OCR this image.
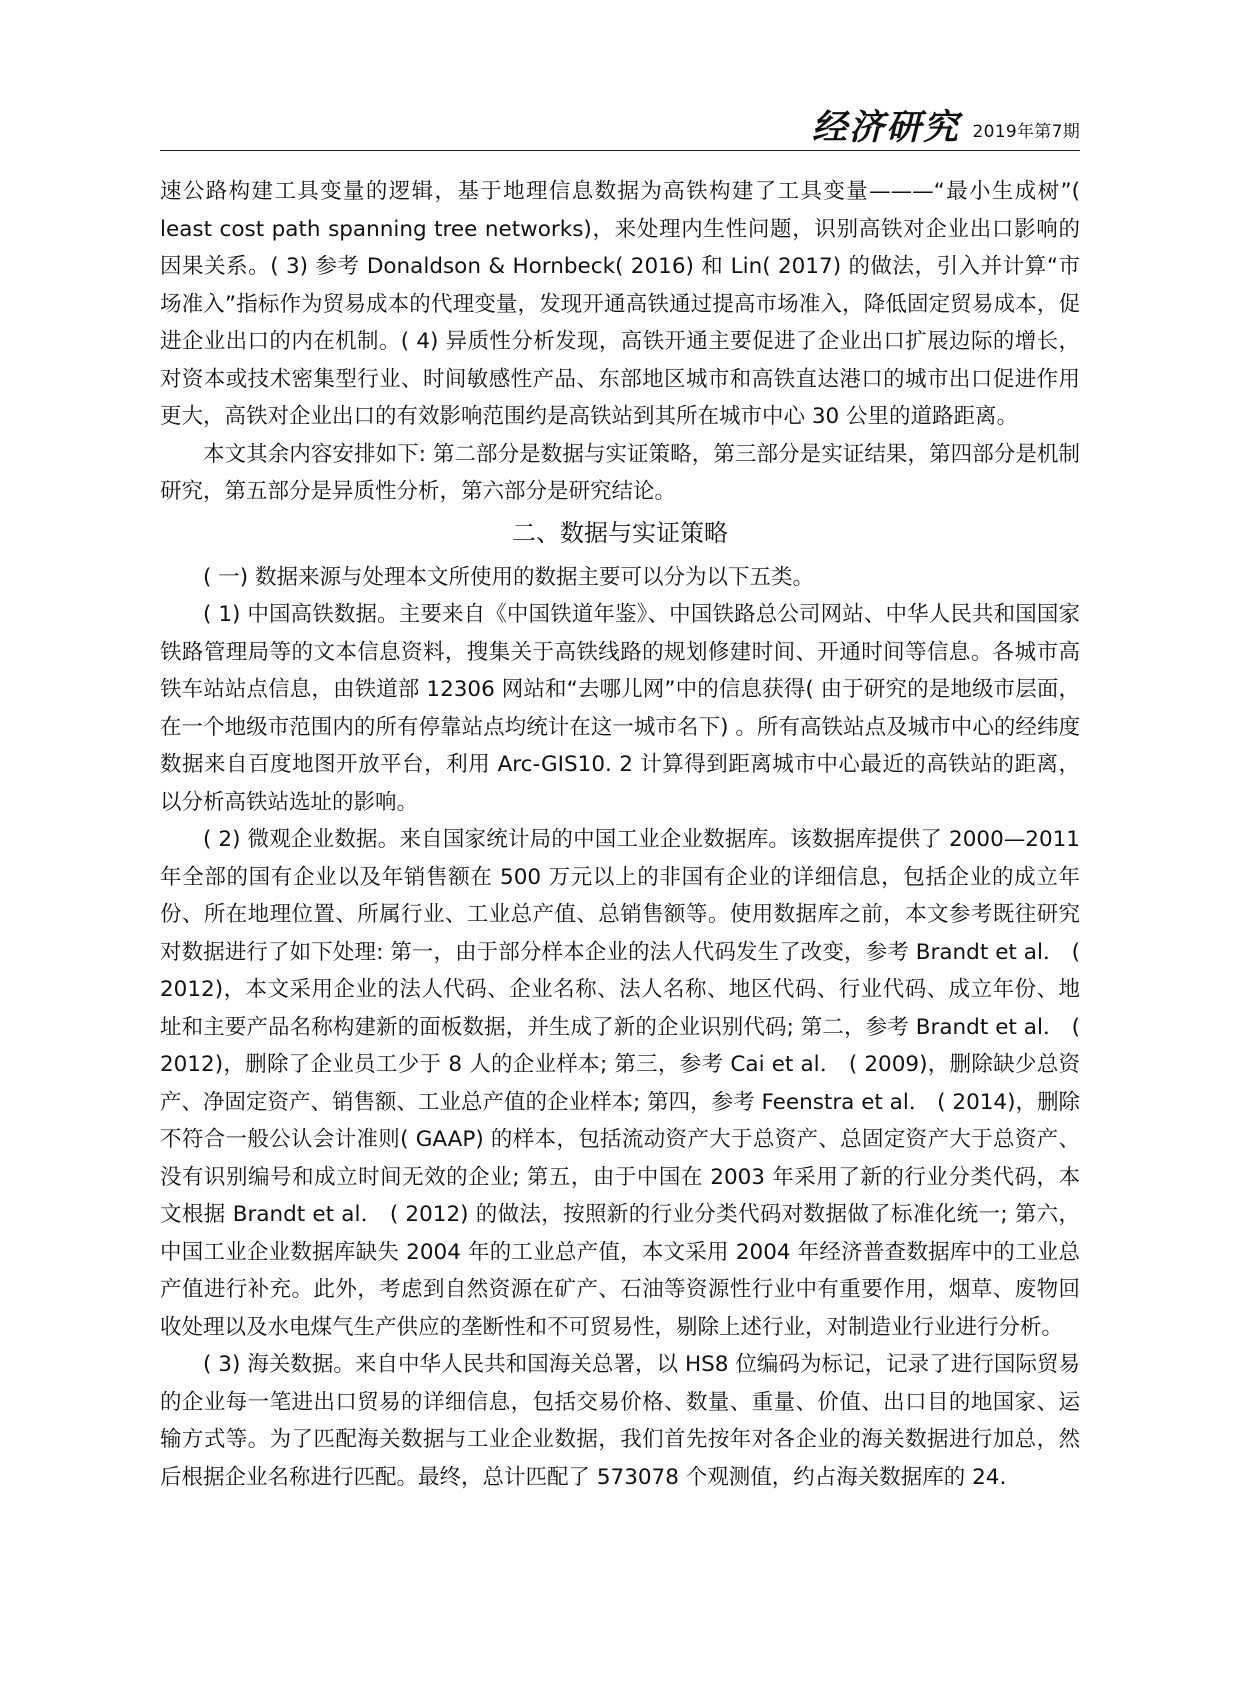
经济研究 2019年第7期

速公路构建工具变量的逻辑，基于地理信息数据为高铁构建了工具变量———“最小生成树”( least cost path spanning tree networks)，来处理内生性问题，识别高铁对企业出口影响的因果关系。( 3) 参考 Donaldson & Hornbeck( 2016) 和 Lin( 2017) 的做法，引入并计算“市场准入”指标作为贸易成本的代理变量，发现开通高铁通过提高市场准入，降低固定贸易成本，促进企业出口的内在机制。( 4) 异质性分析发现，高铁开通主要促进了企业出口扩展边际的增长，对资本或技术密集型行业、时间敏感性产品、东部地区城市和高铁直达港口的城市出口促进作用更大，高铁对企业出口的有效影响范围约是高铁站到其所在城市中心 30 公里的道路距离。

本文其余内容安排如下: 第二部分是数据与实证策略，第三部分是实证结果，第四部分是机制研究，第五部分是异质性分析，第六部分是研究结论。

二、数据与实证策略

( 一) 数据来源与处理本文所使用的数据主要可以分为以下五类。

( 1) 中国高铁数据。主要来自《中国铁道年鉴》、中国铁路总公司网站、中华人民共和国国家铁路管理局等的文本信息资料，搜集关于高铁线路的规划修建时间、开通时间等信息。各城市高铁车站站点信息，由铁道部 12306 网站和“去哪儿网”中的信息获得( 由于研究的是地级市层面，在一个地级市范围内的所有停靠站点均统计在这一城市名下) 。所有高铁站点及城市中心的经纬度数据来自百度地图开放平台，利用 Arc-GIS10. 2 计算得到距离城市中心最近的高铁站的距离，以分析高铁站选址的影响。

( 2) 微观企业数据。来自国家统计局的中国工业企业数据库。该数据库提供了 2000—2011 年全部的国有企业以及年销售额在 500 万元以上的非国有企业的详细信息，包括企业的成立年份、所在地理位置、所属行业、工业总产值、总销售额等。使用数据库之前，本文参考既往研究对数据进行了如下处理: 第一，由于部分样本企业的法人代码发生了改变，参考 Brandt et al． ( 2012)，本文采用企业的法人代码、企业名称、法人名称、地区代码、行业代码、成立年份、地址和主要产品名称构建新的面板数据，并生成了新的企业识别代码; 第二，参考 Brandt et al． ( 2012)，删除了企业员工少于 8 人的企业样本; 第三，参考 Cai et al． ( 2009)，删除缺少总资产、净固定资产、销售额、工业总产值的企业样本; 第四，参考 Feenstra et al． ( 2014)，删除不符合一般公认会计准则( GAAP) 的样本，包括流动资产大于总资产、总固定资产大于总资产、没有识别编号和成立时间无效的企业; 第五，由于中国在 2003 年采用了新的行业分类代码，本文根据 Brandt et al． ( 2012) 的做法，按照新的行业分类代码对数据做了标准化统一; 第六，中国工业企业数据库缺失 2004 年的工业总产值，本文采用 2004 年经济普查数据库中的工业总产值进行补充。此外，考虑到自然资源在矿产、石油等资源性行业中有重要作用，烟草、废物回收处理以及水电煤气生产供应的垄断性和不可贸易性，剔除上述行业，对制造业行业进行分析。

( 3) 海关数据。来自中华人民共和国海关总署，以 HS8 位编码为标记，记录了进行国际贸易的企业每一笔进出口贸易的详细信息，包括交易价格、数量、重量、价值、出口目的地国家、运输方式等。为了匹配海关数据与工业企业数据，我们首先按年对各企业的海关数据进行加总，然后根据企业名称进行匹配。最终，总计匹配了 573078 个观测值，约占海关数据库的 24.
